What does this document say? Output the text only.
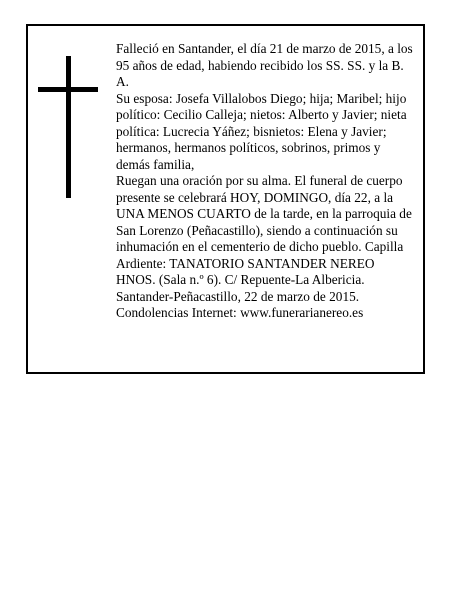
Falleció en Santander, el día 21 de marzo de 2015, a los 95 años de edad, habiendo recibido los SS. SS. y la B. A.

Su esposa: Josefa Villalobos Diego; hija; Maribel; hijo político: Cecilio Calleja; nietos: Alberto y Javier; nieta política: Lucrecia Yáñez; bisnietos: Elena y Javier; hermanos, hermanos políticos, sobrinos, primos y demás familia,

Ruegan una oración por su alma. El funeral de cuerpo presente se celebrará HOY, DOMINGO, día 22, a la UNA MENOS CUARTO de la tarde, en la parroquia de San Lorenzo (Peñacastillo), siendo a continuación su inhumación en el cementerio de dicho pueblo. Capilla Ardiente: TANATORIO SANTANDER NEREO HNOS. (Sala n.º 6). C/ Repuente-La Albericia.

Santander-Peñacastillo, 22 de marzo de 2015.

Condolencias Internet: www.funerarianereo.es
